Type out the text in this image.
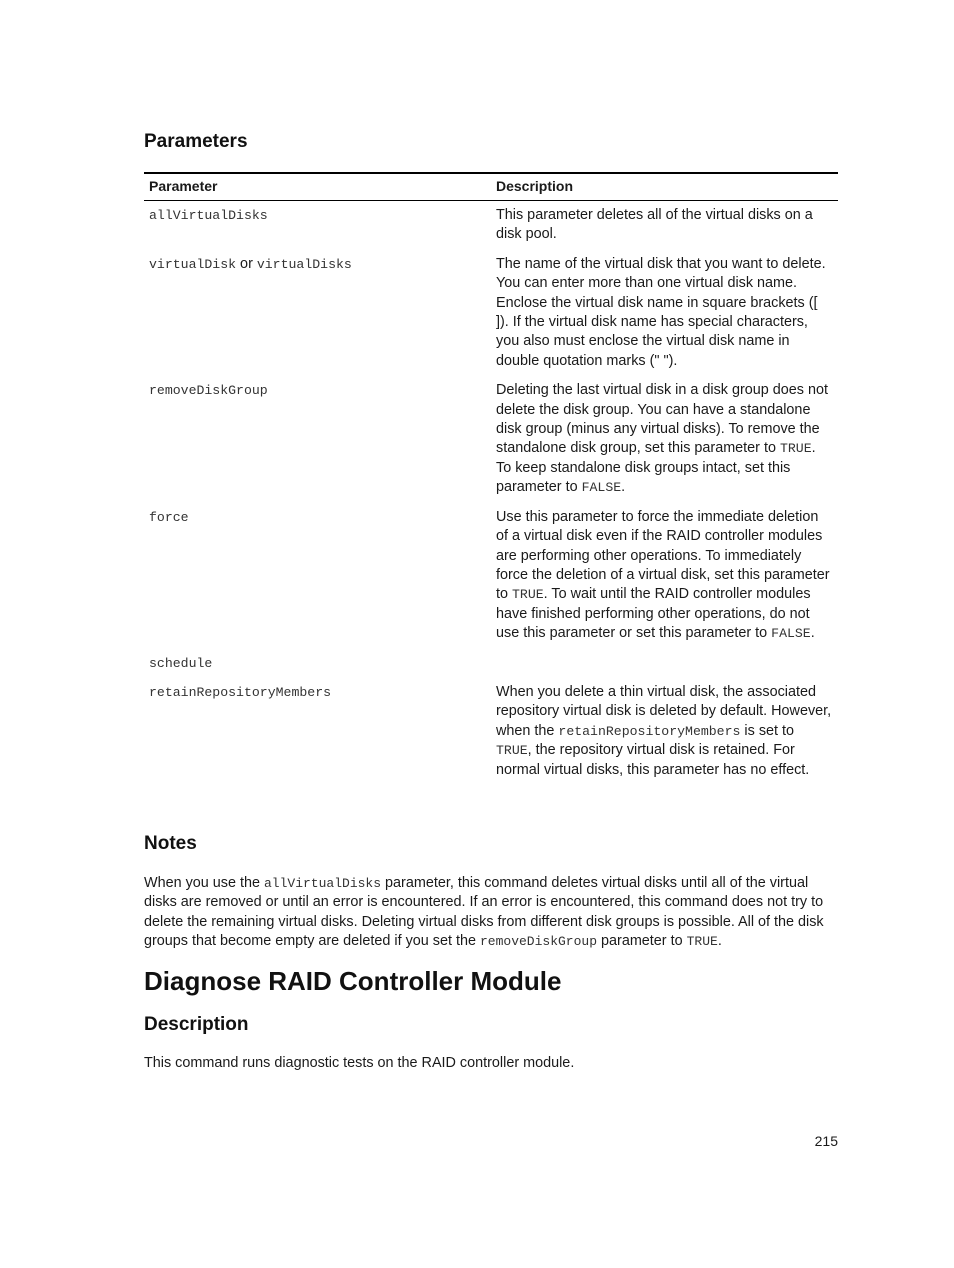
Parameters
Parameter	Description
allVirtualDisks	This parameter deletes all of the virtual disks on a disk pool.
virtualDisk or virtualDisks	The name of the virtual disk that you want to delete. You can enter more than one virtual disk name. Enclose the virtual disk name in square brackets ([ ]). If the virtual disk name has special characters, you also must enclose the virtual disk name in double quotation marks (" ").
removeDiskGroup	Deleting the last virtual disk in a disk group does not delete the disk group. You can have a standalone disk group (minus any virtual disks). To remove the standalone disk group, set this parameter to TRUE. To keep standalone disk groups intact, set this parameter to FALSE.
force	Use this parameter to force the immediate deletion of a virtual disk even if the RAID controller modules are performing other operations. To immediately force the deletion of a virtual disk, set this parameter to TRUE. To wait until the RAID controller modules have finished performing other operations, do not use this parameter or set this parameter to FALSE.
schedule	
retainRepositoryMembers	When you delete a thin virtual disk, the associated repository virtual disk is deleted by default. However, when the retainRepositoryMembers is set to TRUE, the repository virtual disk is retained. For normal virtual disks, this parameter has no effect.
Notes

When you use the allVirtualDisks parameter, this command deletes virtual disks until all of the virtual disks are removed or until an error is encountered. If an error is encountered, this command does not try to delete the remaining virtual disks. Deleting virtual disks from different disk groups is possible. All of the disk groups that become empty are deleted if you set the removeDiskGroup parameter to TRUE.

Diagnose RAID Controller Module
Description

This command runs diagnostic tests on the RAID controller module.

215
